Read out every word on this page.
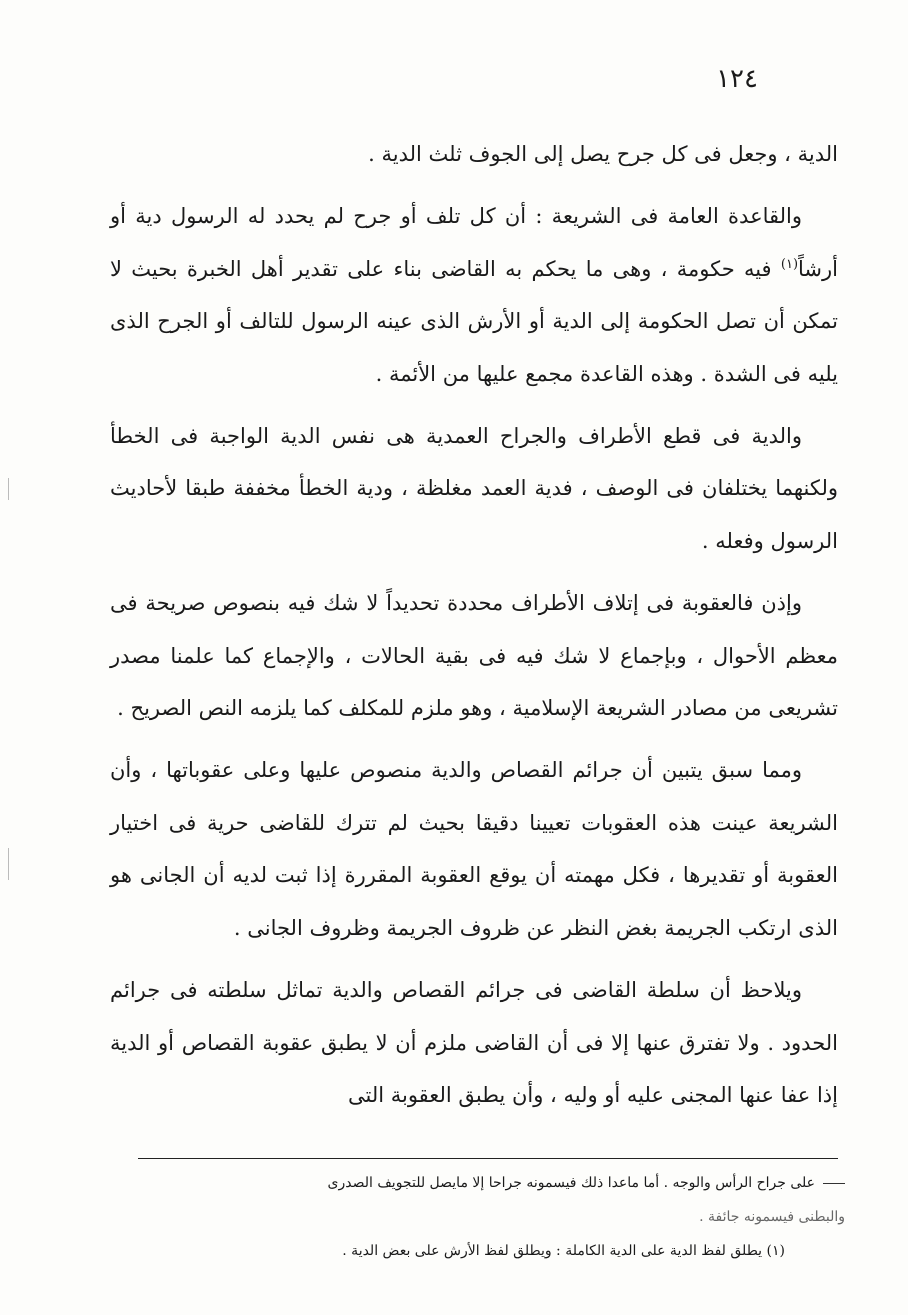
١٢٤

الدية ، وجعل فى كل جرح يصل إلى الجوف ثلث الدية .

والقاعدة العامة فى الشريعة : أن كل تلف أو جرح لم يحدد له الرسول دية أو أرشاً$^{(١)}$ فيه حكومة ، وهى ما يحكم به القاضى بناء على تقدير أهل الخبرة بحيث لا تمكن أن تصل الحكومة إلى الدية أو الأرش الذى عينه الرسول للتالف أو الجرح الذى يليه فى الشدة . وهذه القاعدة مجمع عليها من الأئمة .

والدية فى قطع الأطراف والجراح العمدية هى نفس الدية الواجبة فى الخطأ ولكنهما يختلفان فى الوصف ، فدية العمد مغلظة ، ودية الخطأ مخففة طبقا لأحاديث الرسول وفعله .

وإذن فالعقوبة فى إتلاف الأطراف محددة تحديداً لا شك فيه بنصوص صريحة فى معظم الأحوال ، وبإجماع لا شك فيه فى بقية الحالات ، والإجماع كما علمنا مصدر تشريعى من مصادر الشريعة الإسلامية ، وهو ملزم للمكلف كما يلزمه النص الصريح .

ومما سبق يتبين أن جرائم القصاص والدية منصوص عليها وعلى عقوباتها ، وأن الشريعة عينت هذه العقوبات تعيينا دقيقا بحيث لم تترك للقاضى حرية فى اختيار العقوبة أو تقديرها ، فكل مهمته أن يوقع العقوبة المقررة إذا ثبت لديه أن الجانى هو الذى ارتكب الجريمة بغض النظر عن ظروف الجريمة وظروف الجانى .

ويلاحظ أن سلطة القاضى فى جرائم القصاص والدية تماثل سلطته فى جرائم الحدود . ولا تفترق عنها إلا فى أن القاضى ملزم أن لا يطبق عقوبة القصاص أو الدية إذا عفا عنها المجنى عليه أو وليه ، وأن يطبق العقوبة التى

على جراح الرأس والوجه . أما ماعدا ذلك فيسمونه جراحا إلا مايصل للتجويف الصدرى

والبطنى فيسمونه جائفة .

(١) يطلق لفظ الدية على الدية الكاملة : ويطلق لفظ الأرش على بعض الدية .
